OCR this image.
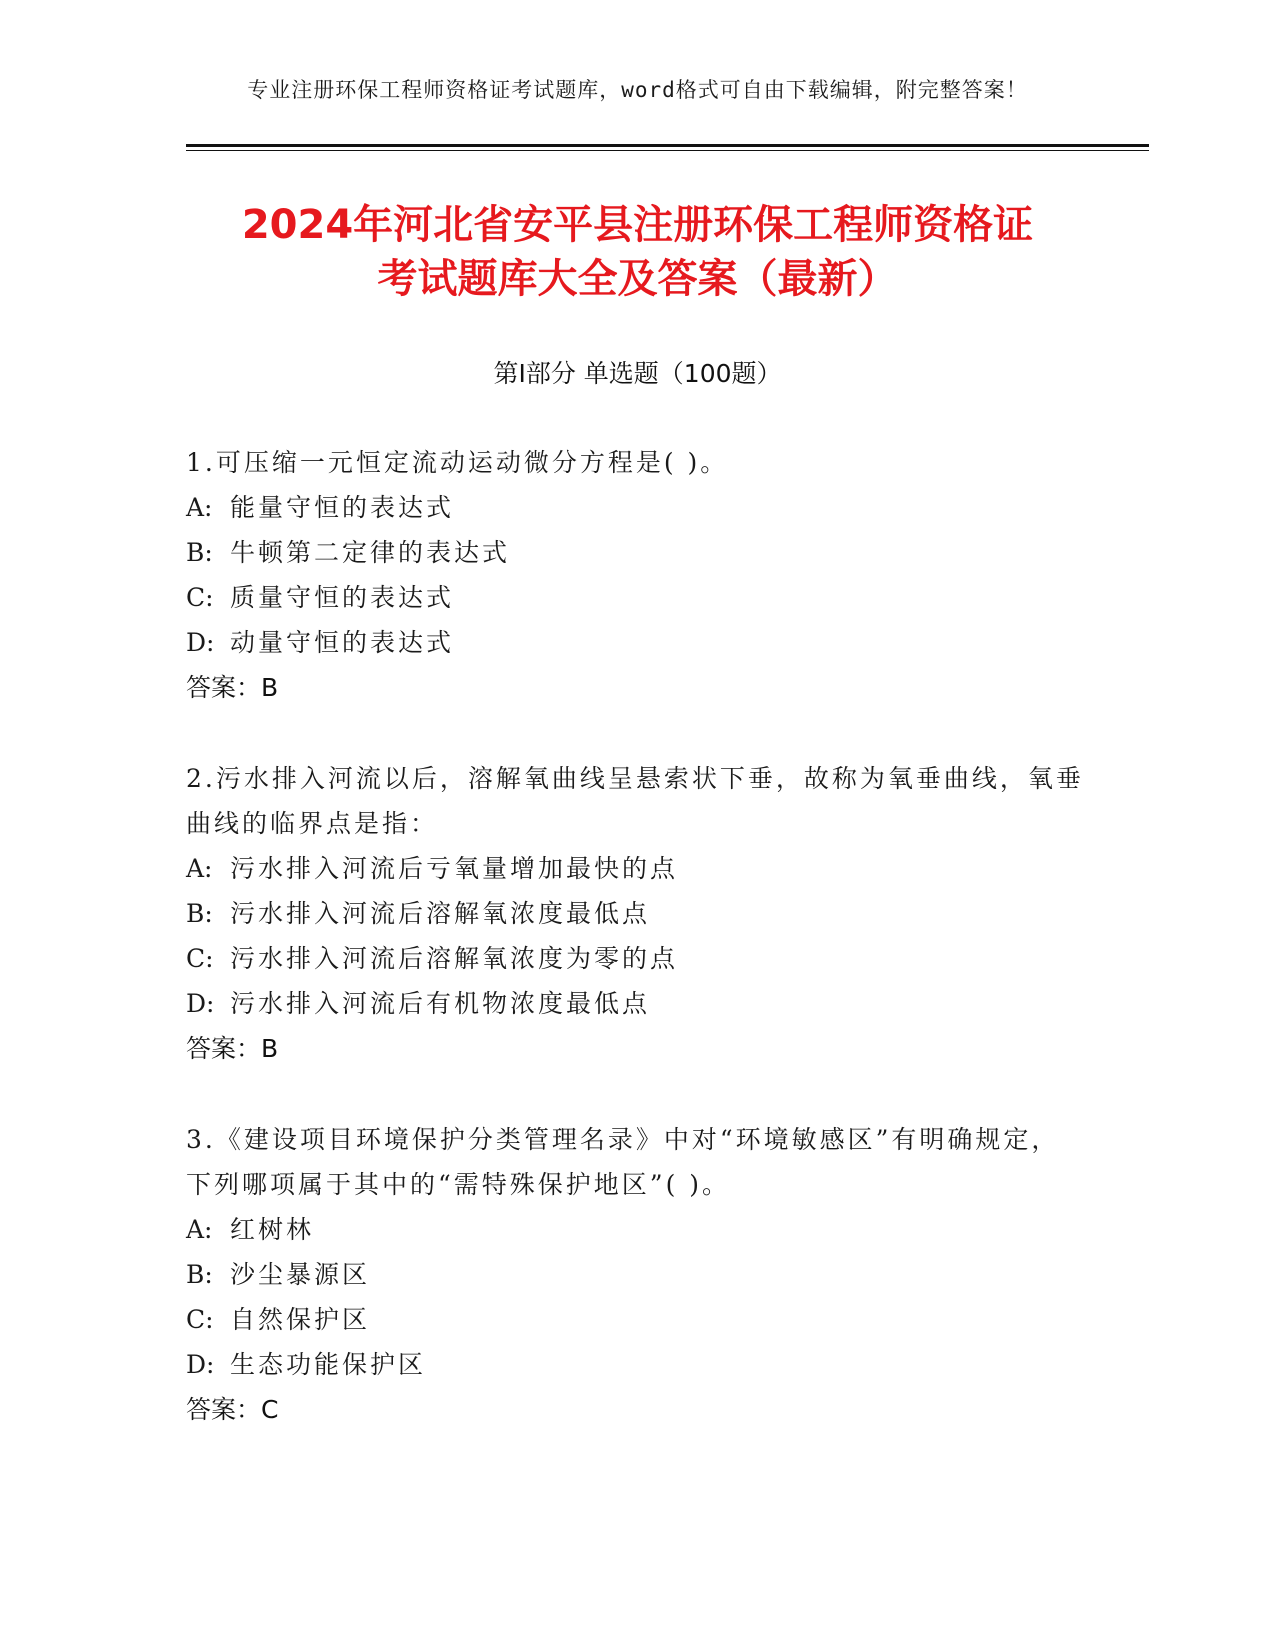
专业注册环保工程师资格证考试题库，word格式可自由下载编辑，附完整答案！
2024年河北省安平县注册环保工程师资格证
考试题库大全及答案（最新）
第Ⅰ部分 单选题（100题）

1.可压缩一元恒定流动运动微分方程是( )。

A: 能量守恒的表达式

B: 牛顿第二定律的表达式

C: 质量守恒的表达式

D: 动量守恒的表达式

答案：B

2.污水排入河流以后，溶解氧曲线呈悬索状下垂，故称为氧垂曲线，氧垂曲线的临界点是指：

A: 污水排入河流后亏氧量增加最快的点

B: 污水排入河流后溶解氧浓度最低点

C: 污水排入河流后溶解氧浓度为零的点

D: 污水排入河流后有机物浓度最低点

答案：B

3.《建设项目环境保护分类管理名录》中对“环境敏感区”有明确规定，下列哪项属于其中的“需特殊保护地区”( )。

A: 红树林

B: 沙尘暴源区

C: 自然保护区

D: 生态功能保护区

答案：C
